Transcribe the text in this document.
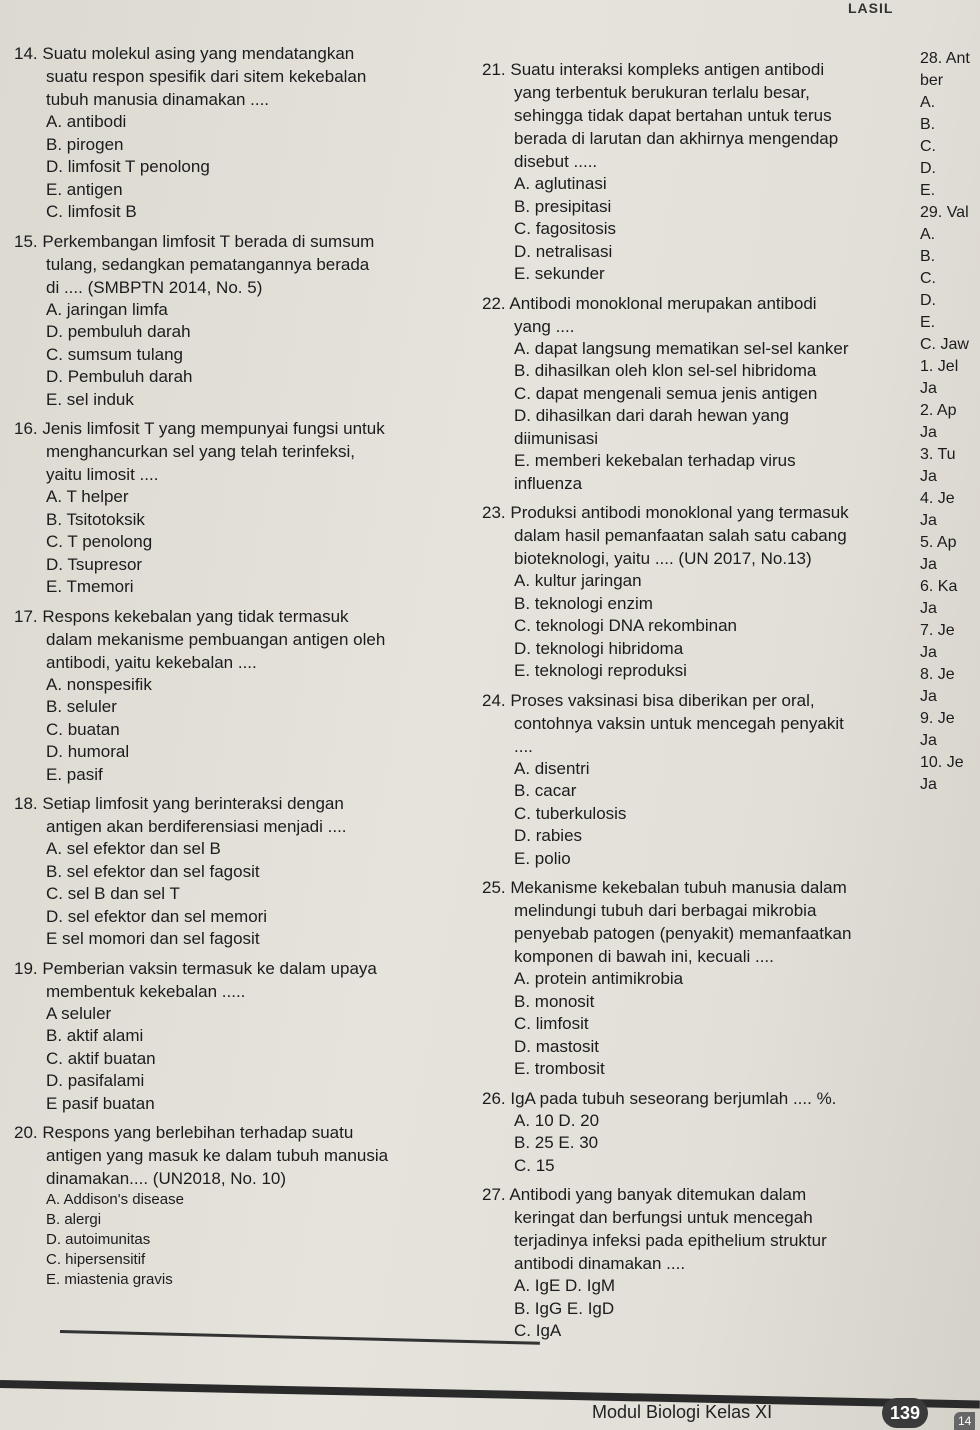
LASIL
14. Suatu molekul asing yang mendatangkan
suatu respon spesifik dari sitem kekebalan
tubuh manusia dinamakan ....
A. antibodi
B. pirogen
D. limfosit T penolong
E. antigen
C. limfosit B
15. Perkembangan limfosit T berada di sumsum
tulang, sedangkan pematangannya berada
di .... (SMBPTN 2014, No. 5)
A. jaringan limfa
D. pembuluh darah
C. sumsum tulang
D. Pembuluh darah
E. sel induk
16. Jenis limfosit T yang mempunyai fungsi untuk
menghancurkan sel yang telah terinfeksi,
yaitu limosit ....
A. T helper
B. Tsitotoksik
C. T penolong
D. Tsupresor
E. Tmemori
17. Respons kekebalan yang tidak termasuk
dalam mekanisme pembuangan antigen oleh
antibodi, yaitu kekebalan ....
A. nonspesifik
B. seluler
C. buatan
D. humoral
E. pasif
18. Setiap limfosit yang berinteraksi dengan
antigen akan berdiferensiasi menjadi ....
A. sel efektor dan sel B
B. sel efektor dan sel fagosit
C. sel B dan sel T
D. sel efektor dan sel memori
E sel momori dan sel fagosit
19. Pemberian vaksin termasuk ke dalam upaya
membentuk kekebalan .....
A seluler
B. aktif alami
C. aktif buatan
D. pasifalami
E pasif buatan
20. Respons yang berlebihan terhadap suatu
antigen yang masuk ke dalam tubuh manusia
dinamakan.... (UN2018, No. 10)
A. Addison's disease
B. alergi
D. autoimunitas
C. hipersensitif
E. miastenia gravis
21. Suatu interaksi kompleks antigen antibodi
yang terbentuk berukuran terlalu besar,
sehingga tidak dapat bertahan untuk terus
berada di larutan dan akhirnya mengendap
disebut .....
A. aglutinasi
B. presipitasi
C. fagositosis
D. netralisasi
E. sekunder
22. Antibodi monoklonal merupakan antibodi
yang ....
A. dapat langsung mematikan sel-sel kanker
B. dihasilkan oleh klon sel-sel hibridoma
C. dapat mengenali semua jenis antigen
D. dihasilkan dari darah hewan yang
diimunisasi
E. memberi kekebalan terhadap virus
influenza
23. Produksi antibodi monoklonal yang termasuk
dalam hasil pemanfaatan salah satu cabang
bioteknologi, yaitu .... (UN 2017, No.13)
A. kultur jaringan
B. teknologi enzim
C. teknologi DNA rekombinan
D. teknologi hibridoma
E. teknologi reproduksi
24. Proses vaksinasi bisa diberikan per oral,
contohnya vaksin untuk mencegah penyakit
....
A. disentri
B. cacar
C. tuberkulosis
D. rabies
E. polio
25. Mekanisme kekebalan tubuh manusia dalam
melindungi tubuh dari berbagai mikrobia
penyebab patogen (penyakit) memanfaatkan
komponen di bawah ini, kecuali ....
A. protein antimikrobia
B. monosit
C. limfosit
D. mastosit
E. trombosit
26. IgA pada tubuh seseorang berjumlah .... %.
A. 10 D. 20
B. 25 E. 30
C. 15
27. Antibodi yang banyak ditemukan dalam
keringat dan berfungsi untuk mencegah
terjadinya infeksi pada epithelium struktur
antibodi dinamakan ....
A. IgE D. IgM
B. IgG E. IgD
C. IgA
28. Ant
ber
A.
B.
C.
D.
E.
29. Val
A.
B.
C.
D.
E.
C. Jaw
1. Jel
Ja
2. Ap
Ja
3. Tu
Ja
4. Je
Ja
5. Ap
Ja
6. Ka
Ja
7. Je
Ja
8. Je
Ja
9. Je
Ja
10. Je
Ja
Modul Biologi Kelas XI	139	14
